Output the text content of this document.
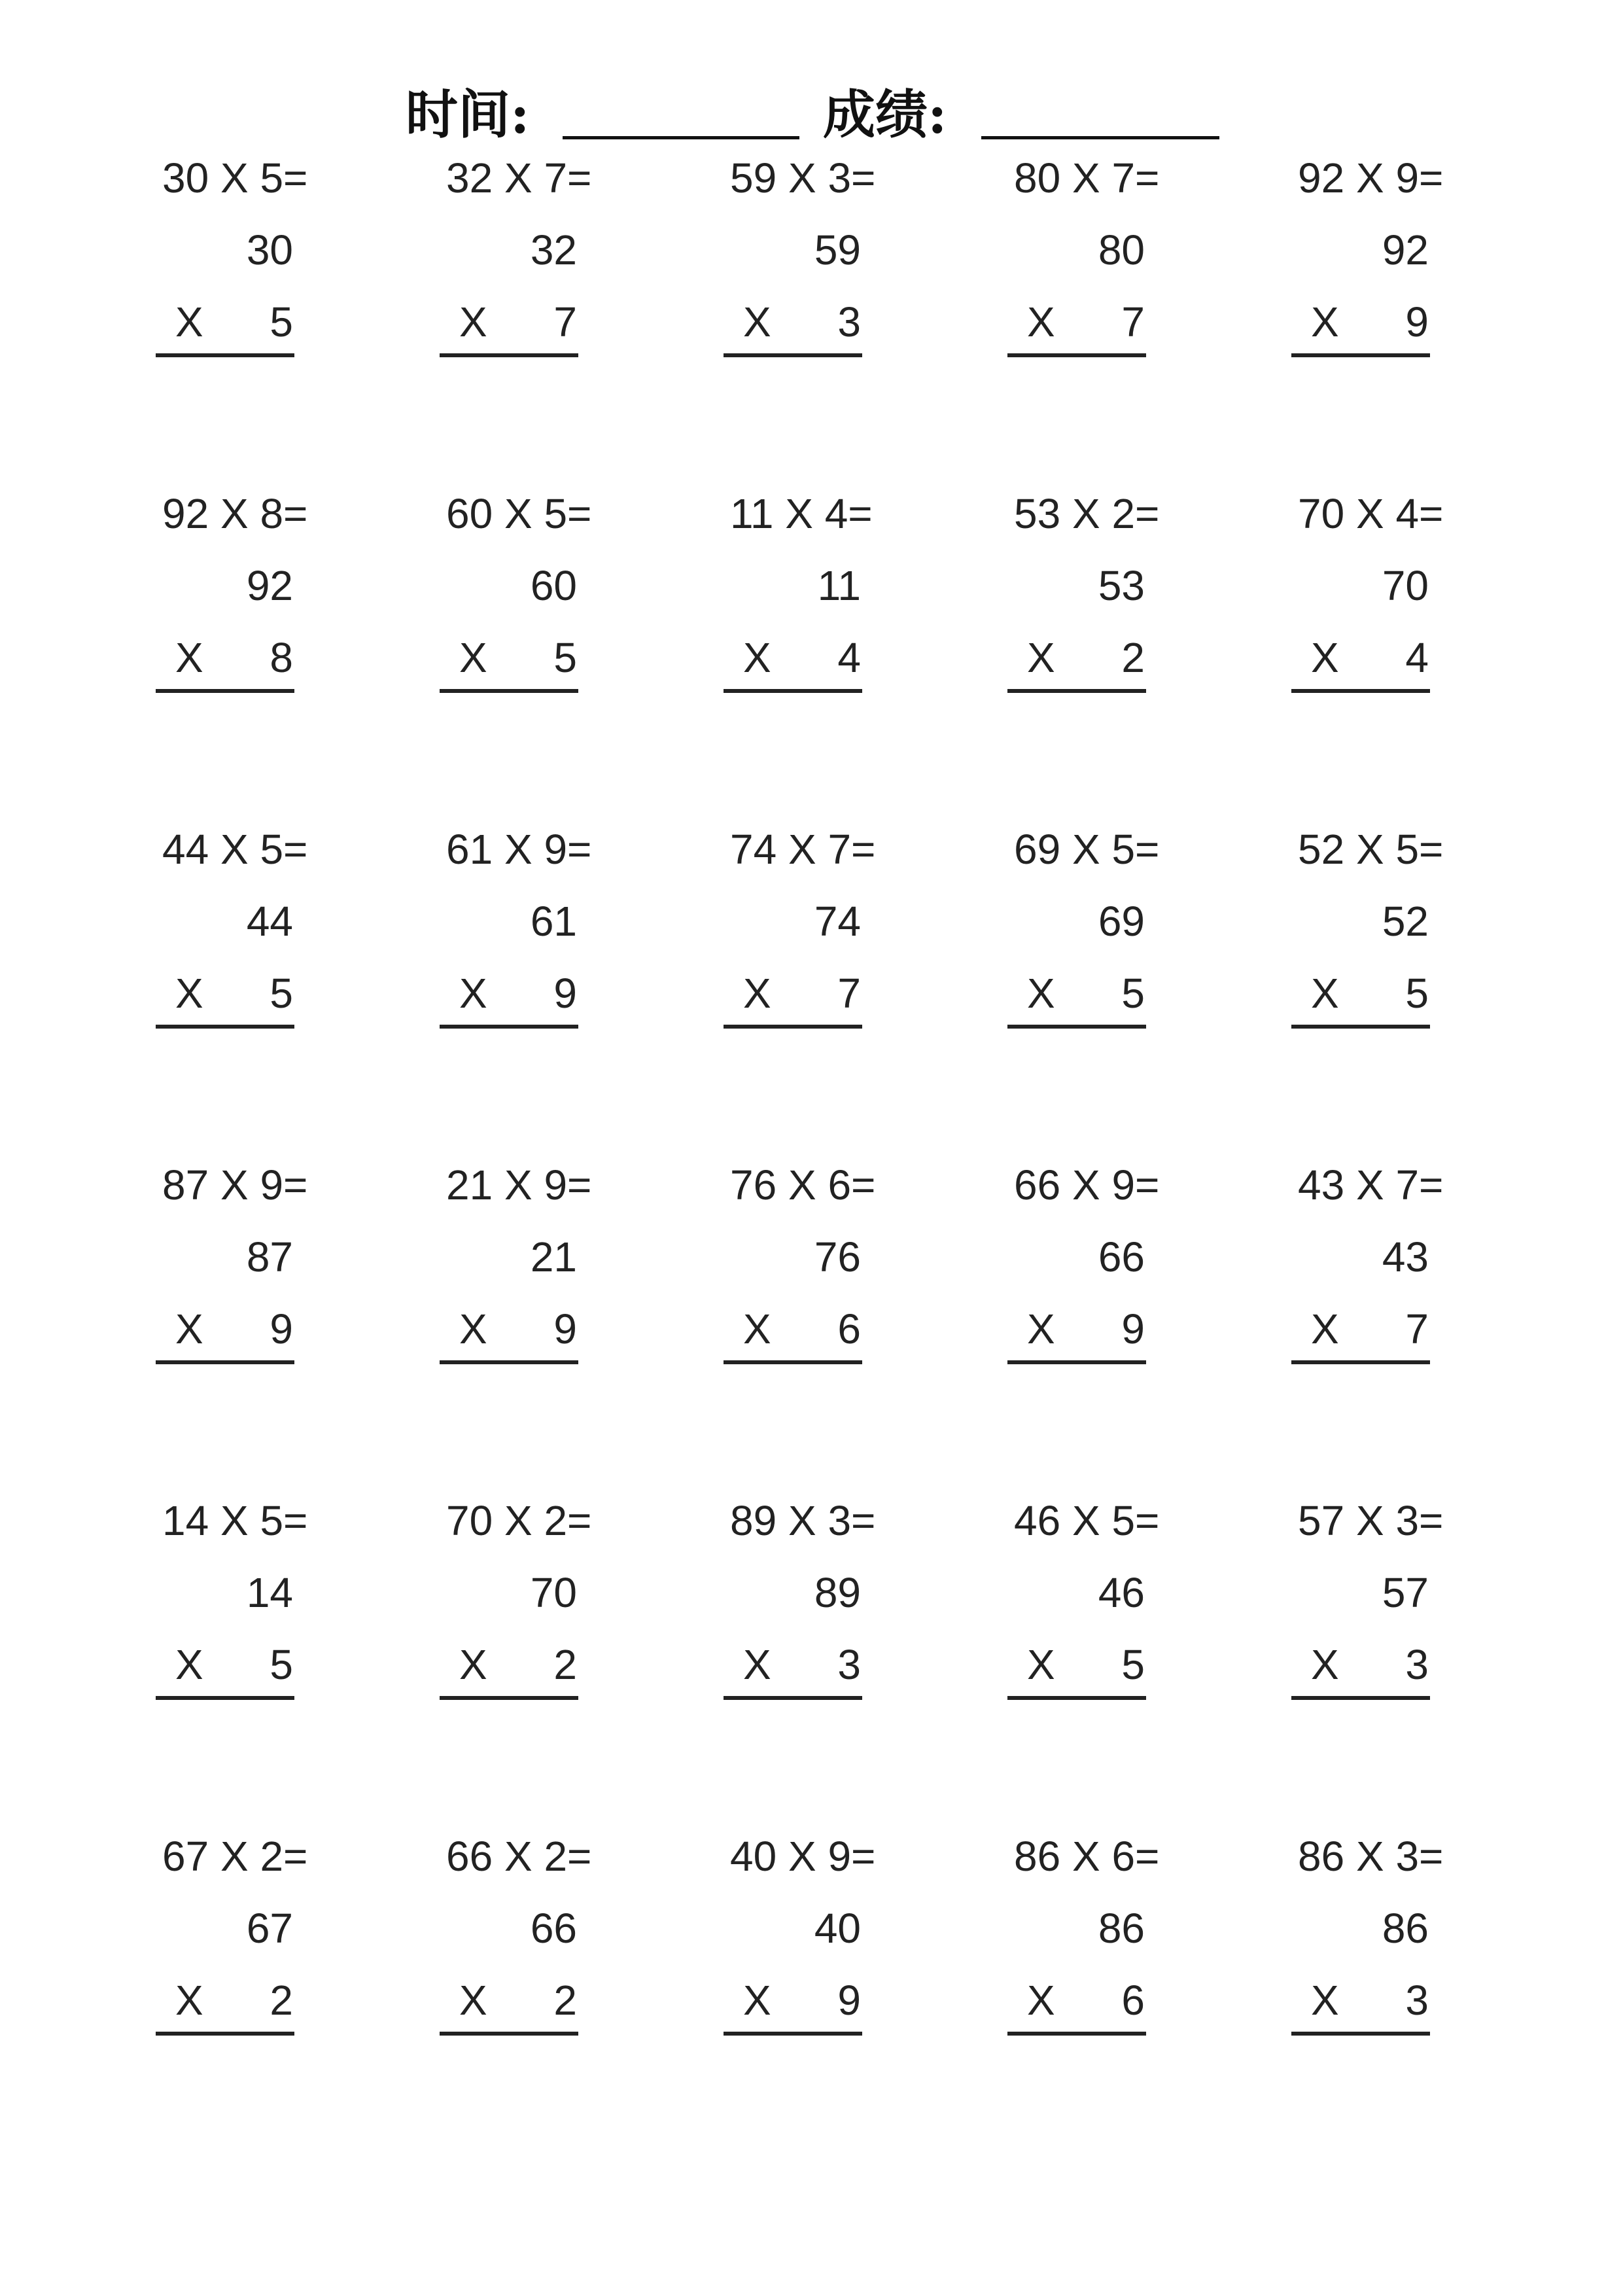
时间:	成绩:
30 X 5=
30
X	5
32 X 7=
32
X	7
59 X 3=
59
X	3
80 X 7=
80
X	7
92 X 9=
92
X	9
92 X 8=
92
X	8
60 X 5=
60
X	5
11 X 4=
11
X	4
53 X 2=
53
X	2
70 X 4=
70
X	4
44 X 5=
44
X	5
61 X 9=
61
X	9
74 X 7=
74
X	7
69 X 5=
69
X	5
52 X 5=
52
X	5
87 X 9=
87
X	9
21 X 9=
21
X	9
76 X 6=
76
X	6
66 X 9=
66
X	9
43 X 7=
43
X	7
14 X 5=
14
X	5
70 X 2=
70
X	2
89 X 3=
89
X	3
46 X 5=
46
X	5
57 X 3=
57
X	3
67 X 2=
67
X	2
66 X 2=
66
X	2
40 X 9=
40
X	9
86 X 6=
86
X	6
86 X 3=
86
X	3
